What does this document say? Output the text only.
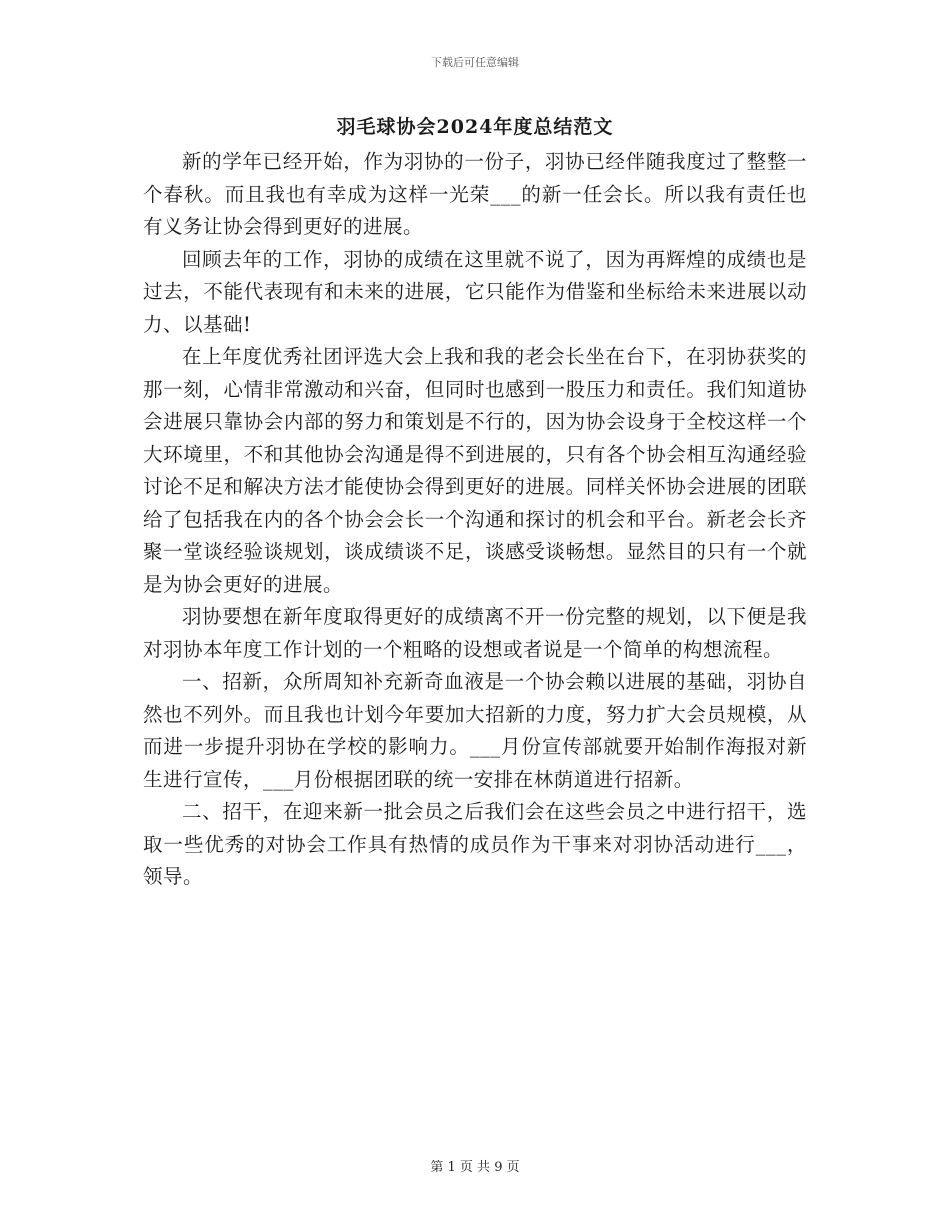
下载后可任意编辑
羽毛球协会2024年度总结范文

新的学年已经开始，作为羽协的一份子，羽协已经伴随我度过了整整一个春秋。而且我也有幸成为这样一光荣___的新一任会长。所以我有责任也有义务让协会得到更好的进展。

回顾去年的工作，羽协的成绩在这里就不说了，因为再辉煌的成绩也是过去，不能代表现有和未来的进展，它只能作为借鉴和坐标给未来进展以动力、以基础!

在上年度优秀社团评选大会上我和我的老会长坐在台下，在羽协获奖的那一刻，心情非常激动和兴奋，但同时也感到一股压力和责任。我们知道协会进展只靠协会内部的努力和策划是不行的，因为协会设身于全校这样一个大环境里，不和其他协会沟通是得不到进展的，只有各个协会相互沟通经验讨论不足和解决方法才能使协会得到更好的进展。同样关怀协会进展的团联给了包括我在内的各个协会会长一个沟通和探讨的机会和平台。新老会长齐聚一堂谈经验谈规划，谈成绩谈不足，谈感受谈畅想。显然目的只有一个就是为协会更好的进展。

羽协要想在新年度取得更好的成绩离不开一份完整的规划，以下便是我对羽协本年度工作计划的一个粗略的设想或者说是一个简单的构想流程。

一、招新，众所周知补充新奇血液是一个协会赖以进展的基础，羽协自然也不列外。而且我也计划今年要加大招新的力度，努力扩大会员规模，从而进一步提升羽协在学校的影响力。___月份宣传部就要开始制作海报对新生进行宣传，___月份根据团联的统一安排在林荫道进行招新。

二、招干，在迎来新一批会员之后我们会在这些会员之中进行招干，选取一些优秀的对协会工作具有热情的成员作为干事来对羽协活动进行___，领导。

第 1 页 共 9 页
